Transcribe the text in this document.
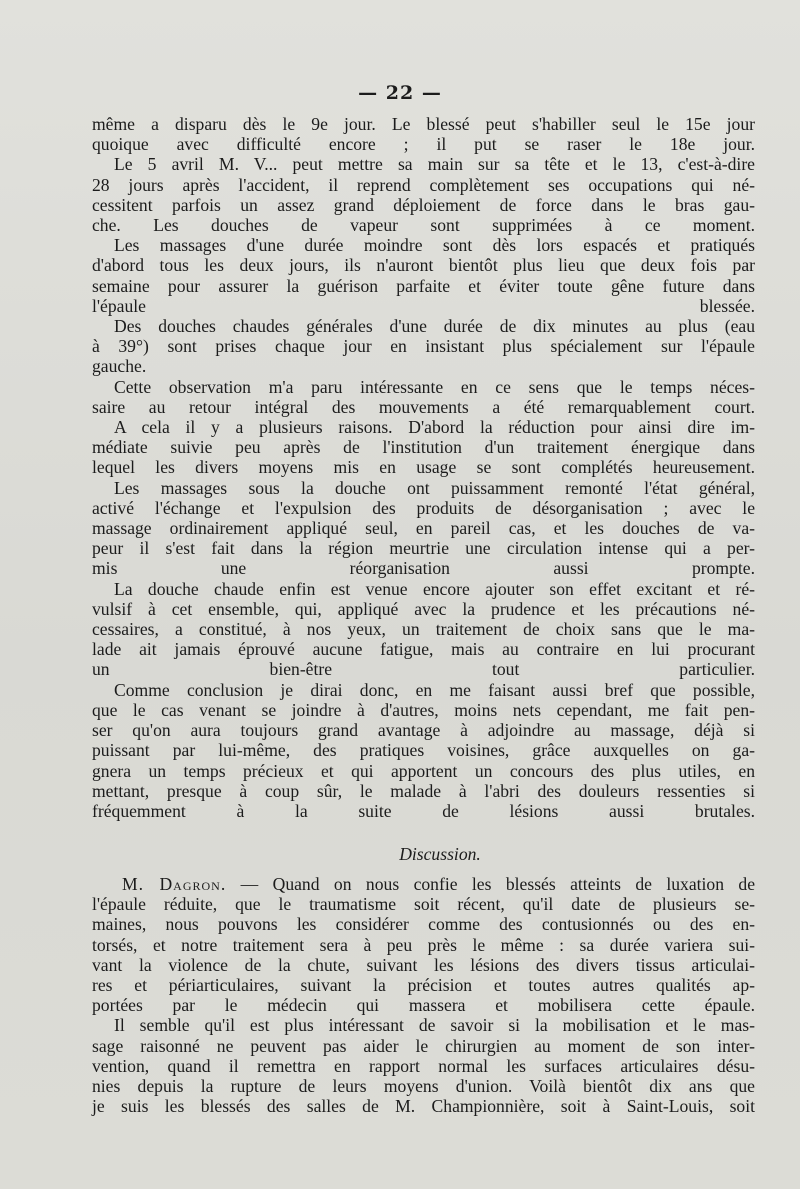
— 22 —
même a disparu dès le 9e jour. Le blessé peut s'habiller seul le 15e jour
quoique avec difficulté encore ; il put se raser le 18e jour.
Le 5 avril M. V... peut mettre sa main sur sa tête et le 13, c'est-à-dire
28 jours après l'accident, il reprend complètement ses occupations qui né-
cessitent parfois un assez grand déploiement de force dans le bras gau-
che. Les douches de vapeur sont supprimées à ce moment.
Les massages d'une durée moindre sont dès lors espacés et pratiqués
d'abord tous les deux jours, ils n'auront bientôt plus lieu que deux fois par
semaine pour assurer la guérison parfaite et éviter toute gêne future dans
l'épaule blessée.
Des douches chaudes générales d'une durée de dix minutes au plus (eau
à 39°) sont prises chaque jour en insistant plus spécialement sur l'épaule
gauche.
Cette observation m'a paru intéressante en ce sens que le temps néces-
saire au retour intégral des mouvements a été remarquablement court.
A cela il y a plusieurs raisons. D'abord la réduction pour ainsi dire im-
médiate suivie peu après de l'institution d'un traitement énergique dans
lequel les divers moyens mis en usage se sont complétés heureusement.
Les massages sous la douche ont puissamment remonté l'état général,
activé l'échange et l'expulsion des produits de désorganisation ; avec le
massage ordinairement appliqué seul, en pareil cas, et les douches de va-
peur il s'est fait dans la région meurtrie une circulation intense qui a per-
mis une réorganisation aussi prompte.
La douche chaude enfin est venue encore ajouter son effet excitant et ré-
vulsif à cet ensemble, qui, appliqué avec la prudence et les précautions né-
cessaires, a constitué, à nos yeux, un traitement de choix sans que le ma-
lade ait jamais éprouvé aucune fatigue, mais au contraire en lui procurant
un bien-être tout particulier.
Comme conclusion je dirai donc, en me faisant aussi bref que possible,
que le cas venant se joindre à d'autres, moins nets cependant, me fait pen-
ser qu'on aura toujours grand avantage à adjoindre au massage, déjà si
puissant par lui-même, des pratiques voisines, grâce auxquelles on ga-
gnera un temps précieux et qui apportent un concours des plus utiles, en
mettant, presque à coup sûr, le malade à l'abri des douleurs ressenties si
fréquemment à la suite de lésions aussi brutales.
Discussion.
M. Dagron. — Quand on nous confie les blessés atteints de luxation de
l'épaule réduite, que le traumatisme soit récent, qu'il date de plusieurs se-
maines, nous pouvons les considérer comme des contusionnés ou des en-
torsés, et notre traitement sera à peu près le même : sa durée variera sui-
vant la violence de la chute, suivant les lésions des divers tissus articulai-
res et périarticulaires, suivant la précision et toutes autres qualités ap-
portées par le médecin qui massera et mobilisera cette épaule.
Il semble qu'il est plus intéressant de savoir si la mobilisation et le mas-
sage raisonné ne peuvent pas aider le chirurgien au moment de son inter-
vention, quand il remettra en rapport normal les surfaces articulaires désu-
nies depuis la rupture de leurs moyens d'union. Voilà bientôt dix ans que
je suis les blessés des salles de M. Championnière, soit à Saint-Louis, soit
